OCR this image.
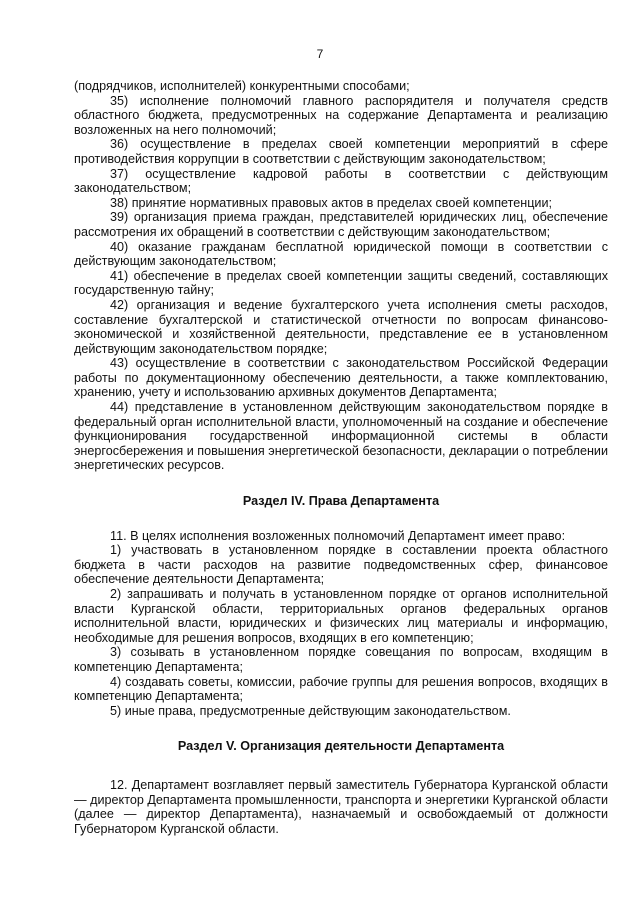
7

(подрядчиков, исполнителей) конкурентными способами;

35) исполнение полномочий главного распорядителя и получателя средств областного бюджета, предусмотренных на содержание Департамента и реализацию возложенных на него полномочий;

36) осуществление в пределах своей компетенции мероприятий в сфере противодействия коррупции в соответствии с действующим законодательством;

37) осуществление кадровой работы в соответствии с действующим законодательством;

38) принятие нормативных правовых актов в пределах своей компетенции;

39) организация приема граждан, представителей юридических лиц, обеспечение рассмотрения их обращений в соответствии с действующим законодательством;

40) оказание гражданам бесплатной юридической помощи в соответствии с действующим законодательством;

41) обеспечение в пределах своей компетенции защиты сведений, составляющих государственную тайну;

42) организация и ведение бухгалтерского учета исполнения сметы расходов, составление бухгалтерской и статистической отчетности по вопросам финансово-экономической и хозяйственной деятельности, представление ее в установленном действующим законодательством порядке;

43) осуществление в соответствии с законодательством Российской Федерации работы по документационному обеспечению деятельности, а также комплектованию, хранению, учету и использованию архивных документов Департамента;

44) представление в установленном действующим законодательством порядке в федеральный орган исполнительной власти, уполномоченный на создание и обеспечение функционирования государственной информационной системы в области энергосбережения и повышения энергетической безопасности, декларации о потреблении энергетических ресурсов.

Раздел IV. Права Департамента

11. В целях исполнения возложенных полномочий Департамент имеет право:

1) участвовать в установленном порядке в составлении проекта областного бюджета в части расходов на развитие подведомственных сфер, финансовое обеспечение деятельности Департамента;

2) запрашивать и получать в установленном порядке от органов исполнительной власти Курганской области, территориальных органов федеральных органов исполнительной власти, юридических и физических лиц материалы и информацию, необходимые для решения вопросов, входящих в его компетенцию;

3) созывать в установленном порядке совещания по вопросам, входящим в компетенцию Департамента;

4) создавать советы, комиссии, рабочие группы для решения вопросов, входящих в компетенцию Департамента;

5) иные права, предусмотренные действующим законодательством.

Раздел V. Организация деятельности Департамента

12. Департамент возглавляет первый заместитель Губернатора Курганской области — директор Департамента промышленности, транспорта и энергетики Курганской области (далее — директор Департамента), назначаемый и освобождаемый от должности Губернатором Курганской области.
